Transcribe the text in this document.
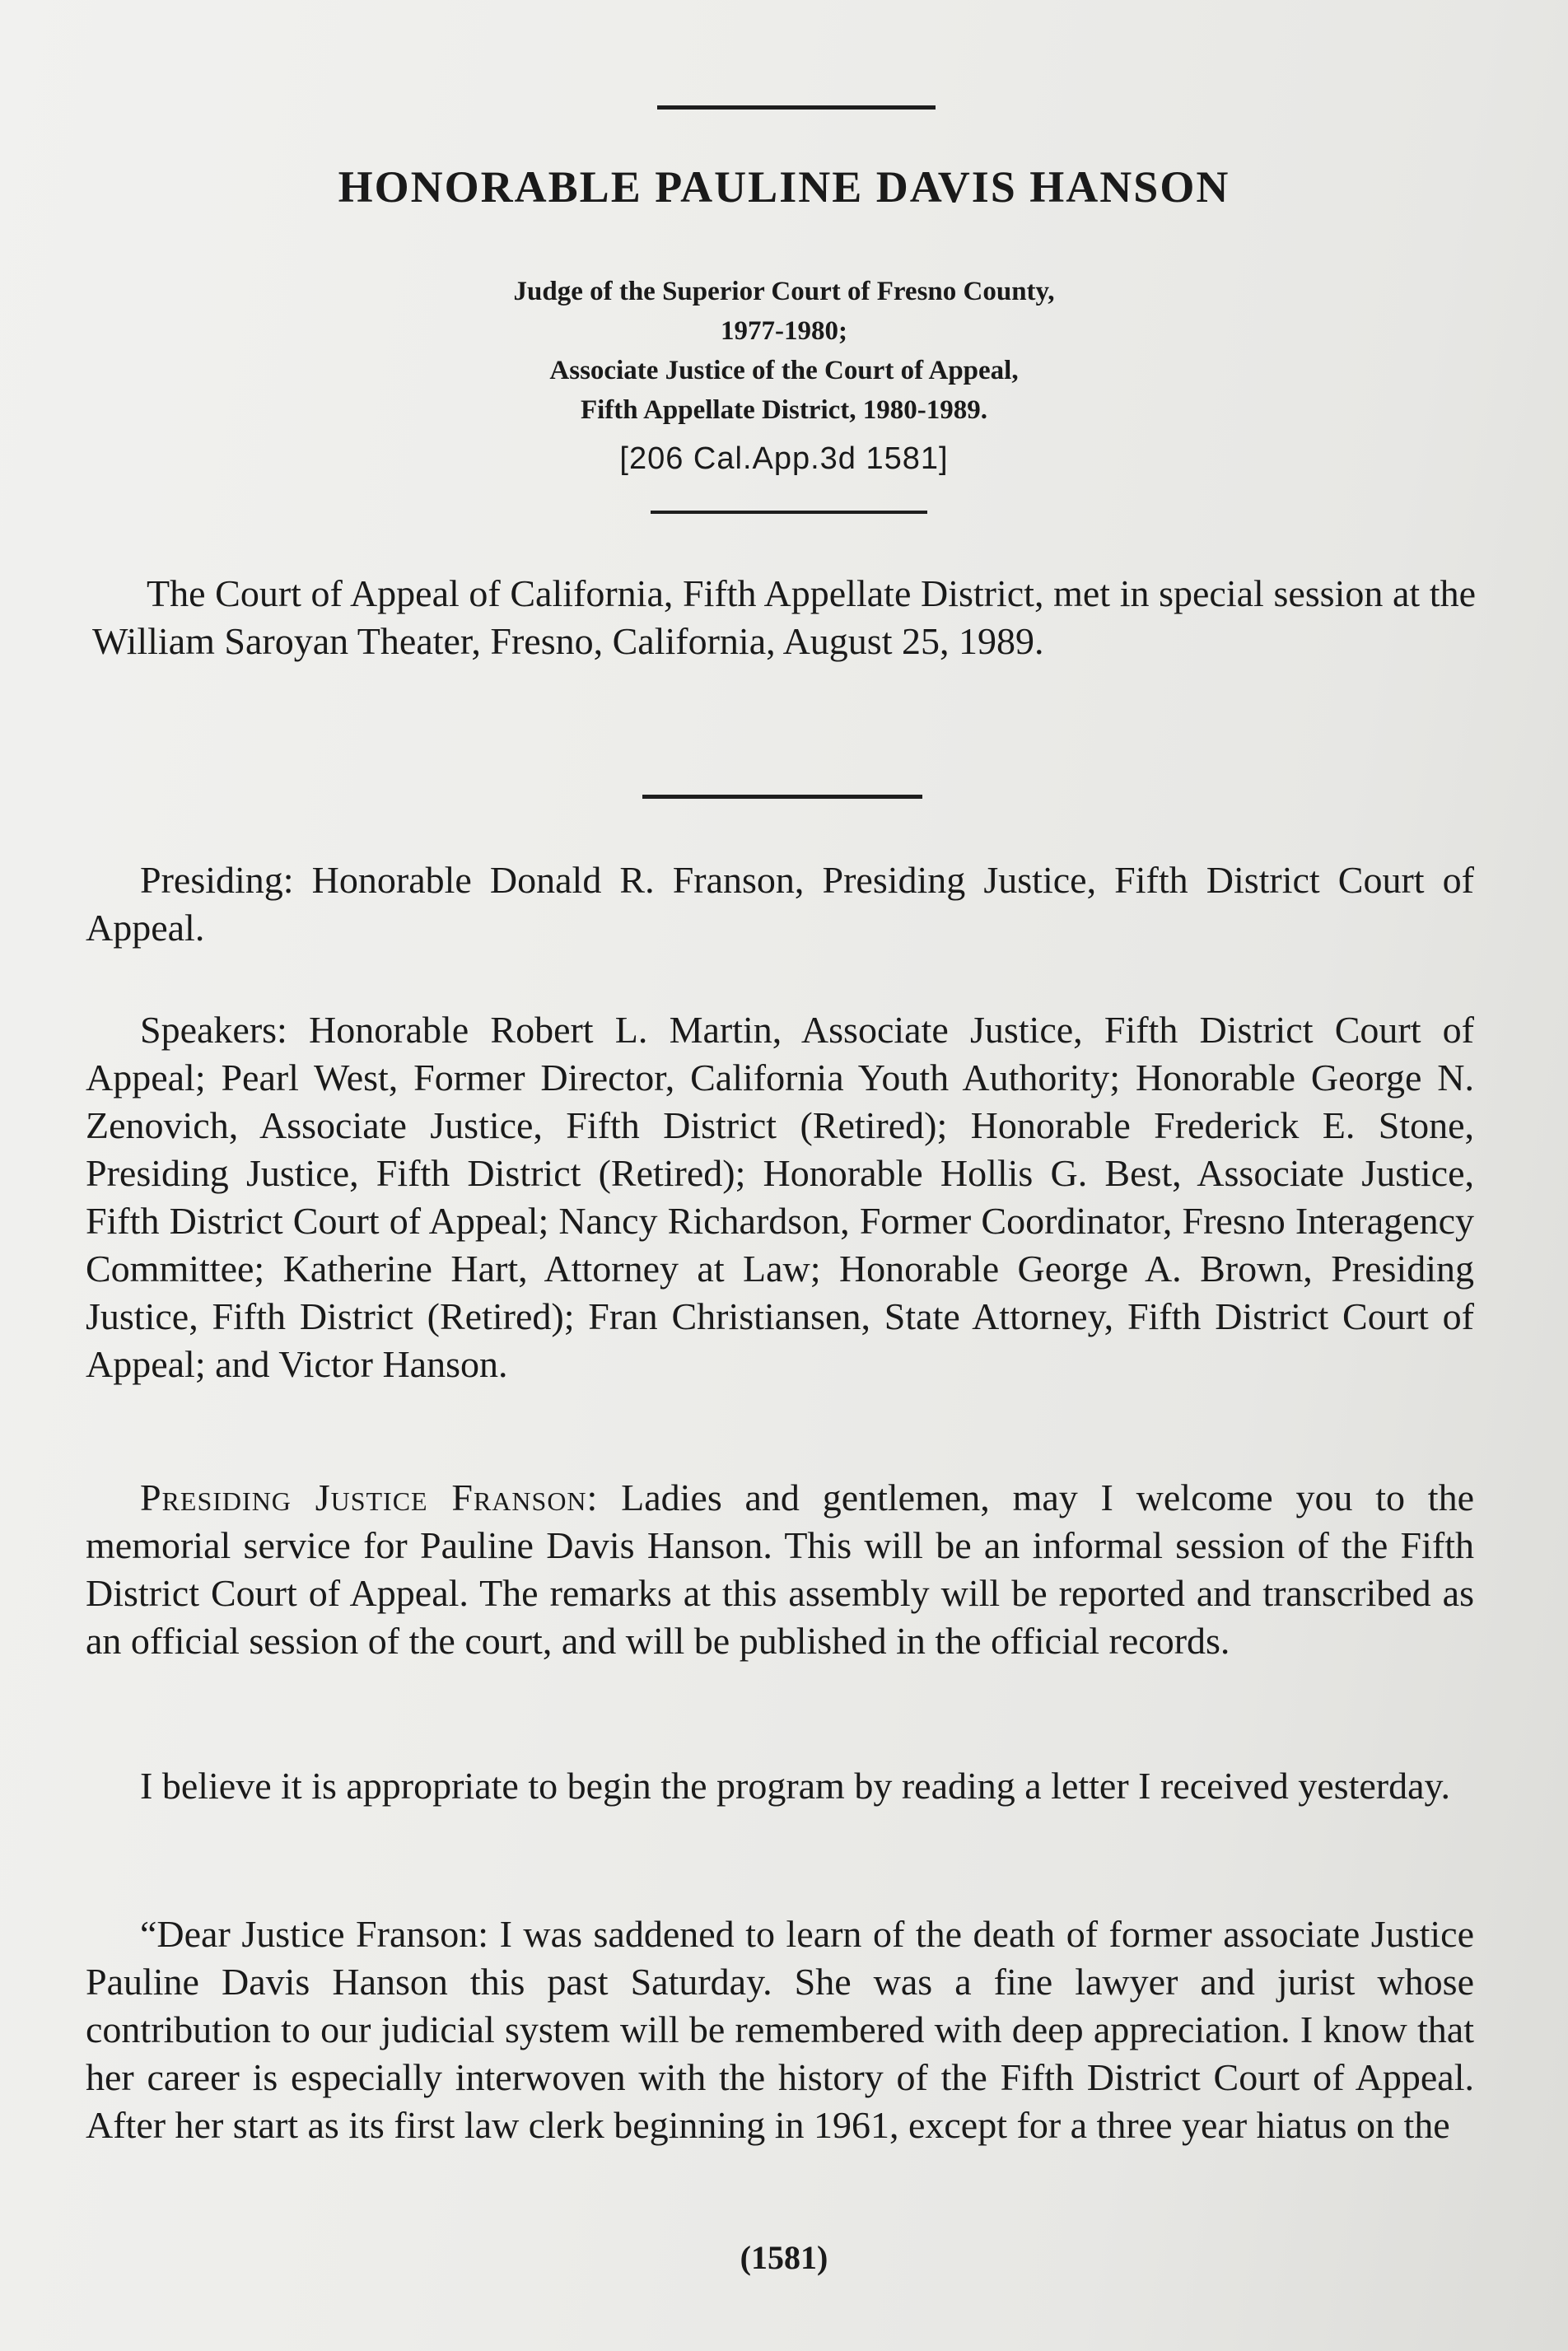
HONORABLE PAULINE DAVIS HANSON
Judge of the Superior Court of Fresno County,
1977-1980;
Associate Justice of the Court of Appeal,
Fifth Appellate District, 1980-1989.
[206 Cal.App.3d 1581]

The Court of Appeal of California, Fifth Appellate District, met in special session at the William Saroyan Theater, Fresno, California, August 25, 1989.

Presiding: Honorable Donald R. Franson, Presiding Justice, Fifth District Court of Appeal.

Speakers: Honorable Robert L. Martin, Associate Justice, Fifth District Court of Appeal; Pearl West, Former Director, California Youth Authority; Honorable George N. Zenovich, Associate Justice, Fifth District (Retired); Honorable Frederick E. Stone, Presiding Justice, Fifth District (Retired); Honorable Hollis G. Best, Associate Justice, Fifth District Court of Appeal; Nancy Richardson, Former Coordinator, Fresno Interagency Committee; Katherine Hart, Attorney at Law; Honorable George A. Brown, Presiding Justice, Fifth District (Retired); Fran Christiansen, State Attorney, Fifth District Court of Appeal; and Victor Hanson.

Presiding Justice Franson: Ladies and gentlemen, may I welcome you to the memorial service for Pauline Davis Hanson. This will be an informal session of the Fifth District Court of Appeal. The remarks at this assembly will be reported and transcribed as an official session of the court, and will be published in the official records.

I believe it is appropriate to begin the program by reading a letter I received yesterday.

“Dear Justice Franson: I was saddened to learn of the death of former associate Justice Pauline Davis Hanson this past Saturday. She was a fine lawyer and jurist whose contribution to our judicial system will be remembered with deep appreciation. I know that her career is especially interwoven with the history of the Fifth District Court of Appeal. After her start as its first law clerk beginning in 1961, except for a three year hiatus on the

(1581)
